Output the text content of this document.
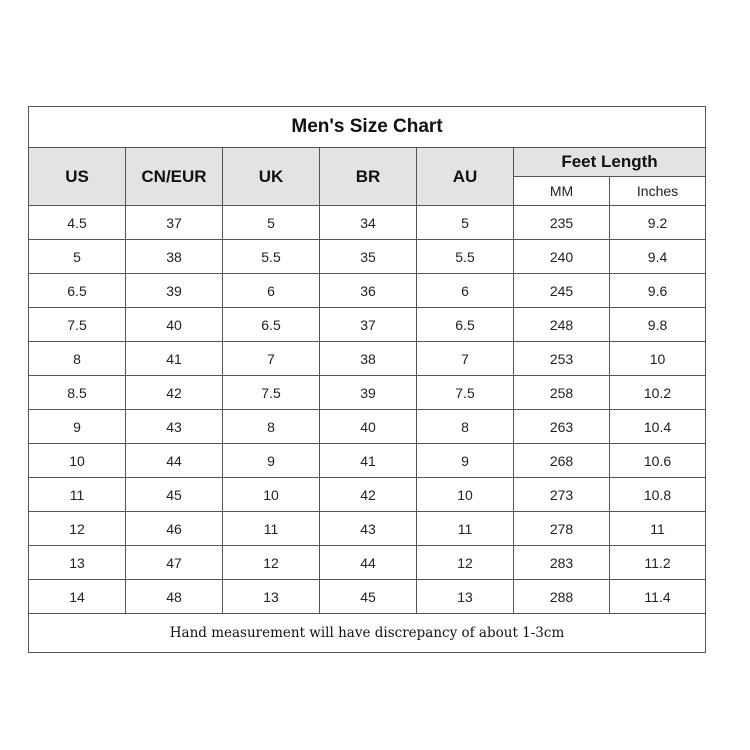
Men's Size Chart						
US	CN/EUR	UK	BR	AU	Feet Length	
					MM	Inches
4.5	37	5	34	5	235	9.2
5	38	5.5	35	5.5	240	9.4
6.5	39	6	36	6	245	9.6
7.5	40	6.5	37	6.5	248	9.8
8	41	7	38	7	253	10
8.5	42	7.5	39	7.5	258	10.2
9	43	8	40	8	263	10.4
10	44	9	41	9	268	10.6
11	45	10	42	10	273	10.8
12	46	11	43	11	278	11
13	47	12	44	12	283	11.2
14	48	13	45	13	288	11.4
Hand measurement will have discrepancy of about 1-3cm						
